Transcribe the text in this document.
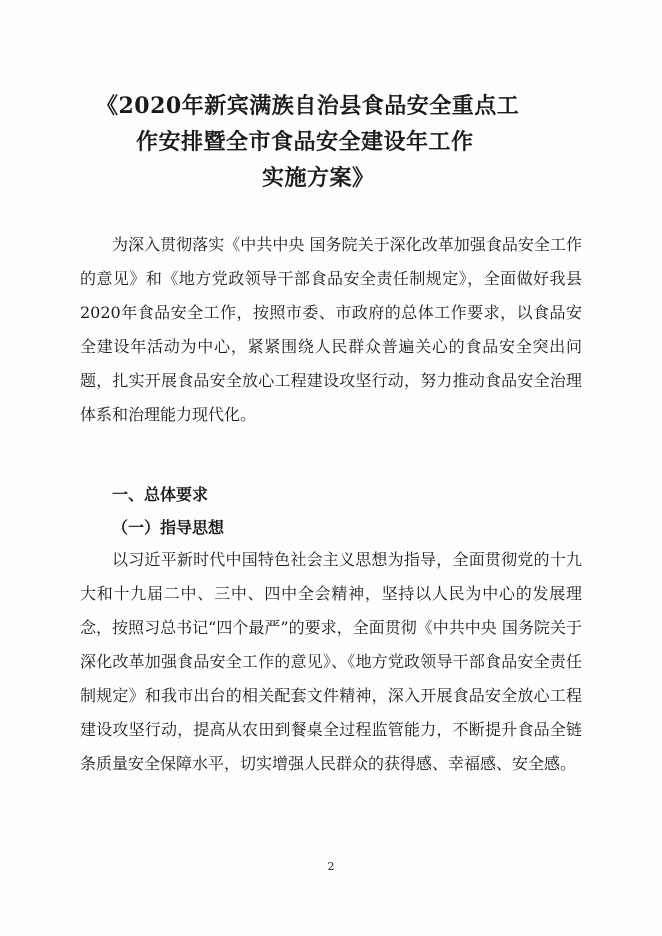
《2020年新宾满族自治县食品安全重点工
作安排暨全市食品安全建设年工作
实施方案》

为深入贯彻落实《中共中央 国务院关于深化改革加强食品安全工作的意见》和《地方党政领导干部食品安全责任制规定》，全面做好我县2020年食品安全工作，按照市委、市政府的总体工作要求，以食品安全建设年活动为中心，紧紧围绕人民群众普遍关心的食品安全突出问题，扎实开展食品安全放心工程建设攻坚行动，努力推动食品安全治理体系和治理能力现代化。

一、总体要求
（一）指导思想

以习近平新时代中国特色社会主义思想为指导，全面贯彻党的十九大和十九届二中、三中、四中全会精神，坚持以人民为中心的发展理念，按照习总书记“四个最严”的要求，全面贯彻《中共中央 国务院关于深化改革加强食品安全工作的意见》、《地方党政领导干部食品安全责任制规定》和我市出台的相关配套文件精神，深入开展食品安全放心工程建设攻坚行动，提高从农田到餐桌全过程监管能力，不断提升食品全链条质量安全保障水平，切实增强人民群众的获得感、幸福感、安全感。

2
